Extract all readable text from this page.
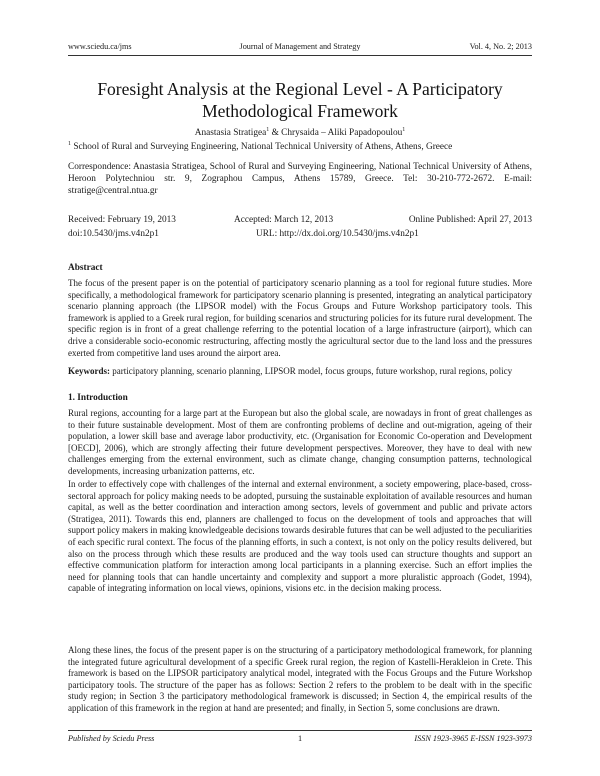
www.sciedu.ca/jms	Journal of Management and Strategy	Vol. 4, No. 2; 2013
Foresight Analysis at the Regional Level - A Participatory
Methodological Framework
Anastasia Stratigea$^1$ & Chrysaida – Aliki Papadopoulou$^1$
$^1$ School of Rural and Surveying Engineering, National Technical University of Athens, Athens, Greece
Correspondence: Anastasia Stratigea, School of Rural and Surveying Engineering, National Technical University of Athens, Heroon Polytechniou str. 9, Zographou Campus, Athens 15789, Greece. Tel: 30-210-772-2672. E-mail: stratige@central.ntua.gr
Received: February 19, 2013	Accepted: March 12, 2013	Online Published: April 27, 2013
doi:10.5430/jms.v4n2p1	URL: http://dx.doi.org/10.5430/jms.v4n2p1
Abstract
The focus of the present paper is on the potential of participatory scenario planning as a tool for regional future studies. More specifically, a methodological framework for participatory scenario planning is presented, integrating an analytical participatory scenario planning approach (the LIPSOR model) with the Focus Groups and Future Workshop participatory tools. This framework is applied to a Greek rural region, for building scenarios and structuring policies for its future rural development. The specific region is in front of a great challenge referring to the potential location of a large infrastructure (airport), which can drive a considerable socio-economic restructuring, affecting mostly the agricultural sector due to the land loss and the pressures exerted from competitive land uses around the airport area.
Keywords: participatory planning, scenario planning, LIPSOR model, focus groups, future workshop, rural regions, policy
1. Introduction

Rural regions, accounting for a large part at the European but also the global scale, are nowadays in front of great challenges as to their future sustainable development. Most of them are confronting problems of decline and out-migration, ageing of their population, a lower skill base and average labor productivity, etc. (Organisation for Economic Co-operation and Development [OECD], 2006), which are strongly affecting their future development perspectives. Moreover, they have to deal with new challenges emerging from the external environment, such as climate change, changing consumption patterns, technological developments, increasing urbanization patterns, etc.

In order to effectively cope with challenges of the internal and external environment, a society empowering, place-based, cross-sectoral approach for policy making needs to be adopted, pursuing the sustainable exploitation of available resources and human capital, as well as the better coordination and interaction among sectors, levels of government and public and private actors (Stratigea, 2011). Towards this end, planners are challenged to focus on the development of tools and approaches that will support policy makers in making knowledgeable decisions towards desirable futures that can be well adjusted to the peculiarities of each specific rural context. The focus of the planning efforts, in such a context, is not only on the policy results delivered, but also on the process through which these results are produced and the way tools used can structure thoughts and support an effective communication platform for interaction among local participants in a planning exercise. Such an effort implies the need for planning tools that can handle uncertainty and complexity and support a more pluralistic approach (Godet, 1994), capable of integrating information on local views, opinions, visions etc. in the decision making process.

Along these lines, the focus of the present paper is on the structuring of a participatory methodological framework, for planning the integrated future agricultural development of a specific Greek rural region, the region of Kastelli-Herakleion in Crete. This framework is based on the LIPSOR participatory analytical model, integrated with the Focus Groups and the Future Workshop participatory tools. The structure of the paper has as follows: Section 2 refers to the problem to be dealt with in the specific study region; in Section 3 the participatory methodological framework is discussed; in Section 4, the empirical results of the application of this framework in the region at hand are presented; and finally, in Section 5, some conclusions are drawn.

Published by Sciedu Press	1	ISSN 1923-3965 E-ISSN 1923-3973
